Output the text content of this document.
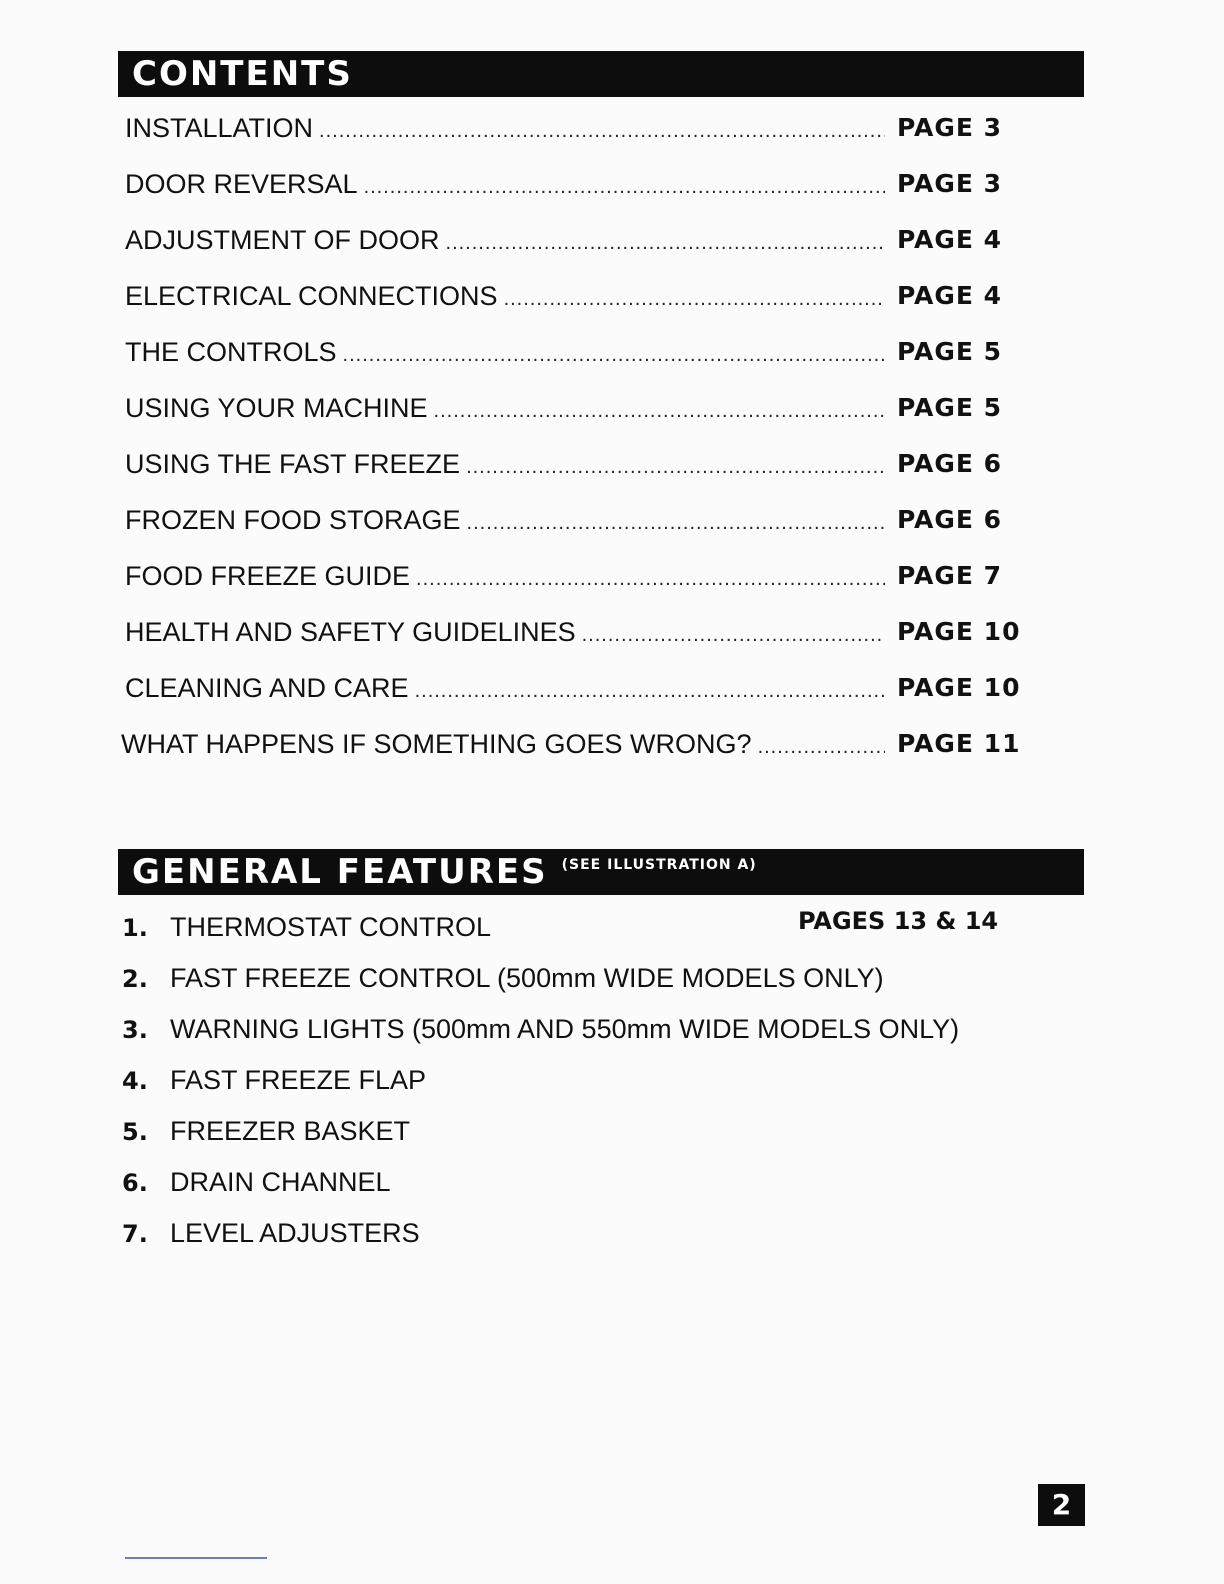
CONTENTS
INSTALLATION .....	PAGE 3
DOOR REVERSAL .....	PAGE 3
ADJUSTMENT OF DOOR .....	PAGE 4
ELECTRICAL CONNECTIONS .....	PAGE 4
THE CONTROLS .....	PAGE 5
USING YOUR MACHINE .....	PAGE 5
USING THE FAST FREEZE .....	PAGE 6
FROZEN FOOD STORAGE .....	PAGE 6
FOOD FREEZE GUIDE .....	PAGE 7
HEALTH AND SAFETY GUIDELINES .....	PAGE 10
CLEANING AND CARE .....	PAGE 10
WHAT HAPPENS IF SOMETHING GOES WRONG? .....	PAGE 11
GENERAL FEATURES (SEE ILLUSTRATION A)
PAGES 13 & 14
1. THERMOSTAT CONTROL
2. FAST FREEZE CONTROL (500mm WIDE MODELS ONLY)
3. WARNING LIGHTS (500mm AND 550mm WIDE MODELS ONLY)
4. FAST FREEZE FLAP
5. FREEZER BASKET
6. DRAIN CHANNEL
7. LEVEL ADJUSTERS
2
